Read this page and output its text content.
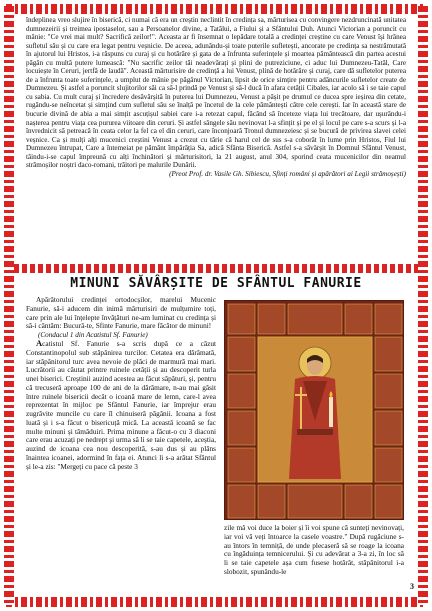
îndeplinea vreo slujire în biserică, ci numai că era un creștin neclintit în credința sa, mărturisea cu convingere nezdruncinată unitatea dumnezeirii și treimea ipostaselor, sau a Persoanelor divine, a Tatălui, a Fiului și a Sfântului Duh. Atunci Victorian a poruncit cu mânie: "Ce vrei mai mult? Sacrifică zeilor!". Aceasta ar fi însemnat o lepădare totală a credinței creștine cu care Venust își hrănea sufletul său și cu care era legat pentru veșnicie. De aceea, adunându-și toate puterile sufletești, ancorate pe credința sa nestrămutată în ajutorul lui Hristos, i-a răspuns cu curaj și cu hotărâre și gata de a înfrunta suferințele și moartea pământească din partea acestui păgân cu multă putere lumească: "Nu sacrific zeilor tăi neadevărați și plini de putreziciune, ci aduc lui Dumnezeu-Tatăl, Care locuiește în Ceruri, jertfă de laudă". Această mărturisire de credință a lui Venust, plină de hotărâre și curaj, care dă sufletelor puterea de a înfrunta toate suferințele, a umplut de mânie pe păgânul Victorian, lipsit de orice simțire pentru adâncurile sufletelor create de Dumnezeu. Și astfel a poruncit slujitorilor săi ca să-l prindă pe Venust și să-l ducă în afara cetății Cibales, iar acolo să i se taie capul cu sabia. Cu mult curaj și încredere desăvârșită în puterea lui Dumnezeu, Venust a pășit pe drumul ce ducea spre ieșirea din cetate, rugându-se neîncetat și simțind cum sufletul său se înalță pe încetul de la cele pământești către cele cerești. Iar în această stare de bucurie divină de abia a mai simțit ascuțișul sabiei care i-a retezat capul, făcând să înceteze viața lui trecătoare, dar ușurându-i nașterea pentru viața cea pururea viitoare din ceruri. Și astfel sângele său nevinovat l-a sfințit și pe el și locul pe care s-a scurs și l-a învrednicit să petreacă în ceata celor la fel ca el din ceruri, care înconjoară Tronul dumnezeiesc și se bucură de privirea slavei celei veșnice. Ca și mulți alți mucenici creștini Venust a crezut cu tărie că harul cel de sus s-a coborât în lume prin Hristos, Fiul lui Dumnezeu întrupat, Care a întemeiat pe pământ împărăția Sa, adică Sfânta Biserică. Astfel s-a săvârșit în Domnul Sfântul Venust, tăindu-i-se capul împreună cu alți închinători și mărturisitori, la 21 august, anul 304, sporind ceata mucenicilor din neamul strămoșilor noștri daco-romani, trăitori pe malurile Dunării.

(Preot Prof. dr. Vasile Gh. Sibiescu, Sfinți români și apărători ai Legii strămoșești)

MINUNI SĂVÂRȘITE DE SFÂNTUL FANURIE

Apărătorului credinței ortodocșilor, marelui Mucenic Fanurie, să-i aducem din inimă mărturisiri de mulțumire toți, care prin ale lui înțelepte învățături ne-am luminat cu credința și să-i cântăm: Bucură-te, Sfinte Fanurie, mare făcător de minuni!

(Condacul 1 din Acatistul Sf. Fanurie)

Acatistul Sf. Fanurie s-a scris după ce a căzut Constantinopolul sub stăpânirea turcilor. Cetatea era dărâmată, iar stăpânitorul turc avea nevoie de plăci de marmură mai mari. Lucrătorii au căutat printre ruinele cetății și au descoperit turla unei biserici. Creștinii auzind acestea au făcut săpături, și, pentru că trecuseră aproape 100 de ani de la dărâmare, n-au mai găsit între ruinele bisericii decât o icoană mare de lemn, care-l avea reprezentat în mijloc pe Sfântul Fanurie, iar împrejur erau zugrăvite muncile cu care îl chinuiseră păgânii. Icoana a fost luată și i s-a făcut o bisericuță mică. La această icoană se fac multe minuni și tămăduiri. Prima minune a făcut-o cu 3 diaconi care erau acuzați pe nedrept și urma să li se taie capetele, aceștia, auzind de icoana cea nou descoperită, s-au dus și au plâns înaintea icoanei, adormind în fața ei. Atunci li s-a arătat Sfântul și le-a zis: "Mergeți cu pace că peste 3

zile mă voi duce la boier și îi voi spune că sunteți nevinovați, iar voi vă veți întoarce la casele voastre." După rugăciune s-au întors în temniță, de unde plecaseră să se roage la icoana cu îngăduința temnicerului. Și cu adevărat a 3-a zi, în loc să li se taie capetele așa cum fusese hotărât, stăpânitorul i-a slobozit, spunându-le

3
